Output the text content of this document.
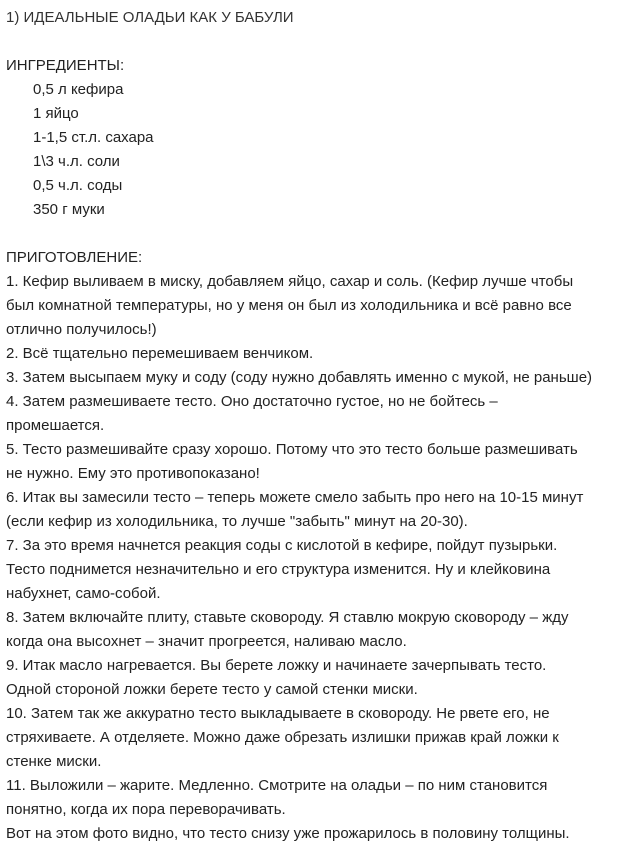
1) ИДЕАЛЬНЫЕ ОЛАДЬИ КАК У БАБУЛИ
ИНГРЕДИЕНТЫ:
0,5 л кефира
1 яйцо
1-1,5 ст.л. сахара
1\3 ч.л. соли
0,5 ч.л. соды
350 г муки
ПРИГОТОВЛЕНИЕ:
1. Кефир выливаем в миску, добавляем яйцо, сахар и соль. (Кефир лучше чтобы
был комнатной температуры, но у меня он был из холодильника и всё равно все
отлично получилось!)
2. Всё тщательно перемешиваем венчиком.
3. Затем высыпаем муку и соду (соду нужно добавлять именно с мукой, не раньше)
4. Затем размешиваете тесто. Оно достаточно густое, но не бойтесь –
промешается.
5. Тесто размешивайте сразу хорошо. Потому что это тесто больше размешивать
не нужно. Ему это противопоказано!
6. Итак вы замесили тесто – теперь можете смело забыть про него на 10-15 минут
(если кефир из холодильника, то лучше "забыть" минут на 20-30).
7. За это время начнется реакция соды с кислотой в кефире, пойдут пузырьки.
Тесто поднимется незначительно и его структура изменится. Ну и клейковина
набухнет, само-собой.
8. Затем включайте плиту, ставьте сковороду. Я ставлю мокрую сковороду – жду
когда она высохнет – значит прогреется, наливаю масло.
9. Итак масло нагревается. Вы берете ложку и начинаете зачерпывать тесто.
Одной стороной ложки берете тесто у самой стенки миски.
10. Затем так же аккуратно тесто выкладываете в сковороду. Не рвете его, не
стряхиваете. А отделяете. Можно даже обрезать излишки прижав край ложки к
стенке миски.
11. Выложили – жарите. Медленно. Смотрите на оладьи – по ним становится
понятно, когда их пора переворачивать.
Вот на этом фото видно, что тесто снизу уже прожарилось в половину толщины.
